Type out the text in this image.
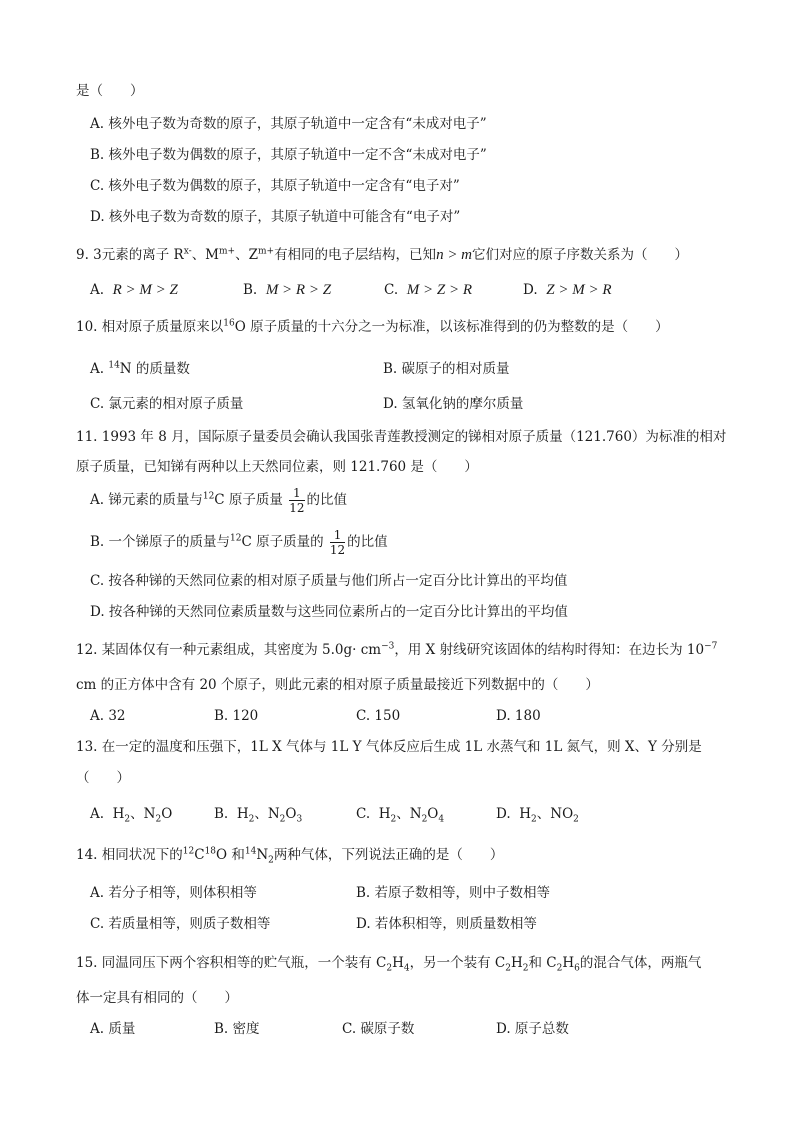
是（　　）
A. 核外电子数为奇数的原子，其原子轨道中一定含有“未成对电子”
B. 核外电子数为偶数的原子，其原子轨道中一定不含“未成对电子”
C. 核外电子数为偶数的原子，其原子轨道中一定含有“电子对”
D. 核外电子数为奇数的原子，其原子轨道中可能含有“电子对”
9. 3元素的离子 $R^{x-}$、$M^{m+}$、$Z^{m+}$有相同的电子层结构，已知n > m它们对应的原子序数关系为（　　）
A. R > M > Z	B. M > R > Z	C. M > Z > R	D. Z > M > R
10. 相对原子质量原来以$^{16}$O 原子质量的十六分之一为标准，以该标准得到的仍为整数的是（　　）
A. $^{14}$N 的质量数	B. 碳原子的相对质量
C. 氯元素的相对原子质量	D. 氢氧化钠的摩尔质量
11. 1993 年 8 月，国际原子量委员会确认我国张青莲教授测定的锑相对原子质量（121.760）为标准的相对
原子质量，已知锑有两种以上天然同位素，则 121.760 是（　　）
A. 锑元素的质量与$^{12}$C 原子质量 $\frac{1}{12}$ 的比值
B. 一个锑原子的质量与$^{12}$C 原子质量的 $\frac{1}{12}$ 的比值
C. 按各种锑的天然同位素的相对原子质量与他们所占一定百分比计算出的平均值
D. 按各种锑的天然同位素质量数与这些同位素所占的一定百分比计算出的平均值
12. 某固体仅有一种元素组成，其密度为 $5.0g\cdot cm^{-3}$，用 X 射线研究该固体的结构时得知：在边长为 $10^{-7}$
cm 的正方体中含有 20 个原子，则此元素的相对原子质量最接近下列数据中的（　　）
A. 32	B. 120	C. 150	D. 180
13. 在一定的温度和压强下，1L X 气体与 1L Y 气体反应后生成 1L 水蒸气和 1L 氮气，则 X、Y 分别是
（　　）
A. $H_2$、$N_2O$	B. $H_2$、$N_2O_3$	C. $H_2$、$N_2O_4$	D. $H_2$、$NO_2$
14. 相同状况下的$^{12}C^{18}O$ 和$^{14}N_2$两种气体，下列说法正确的是（　　）
A. 若分子相等，则体积相等	B. 若原子数相等，则中子数相等
C. 若质量相等，则质子数相等	D. 若体积相等，则质量数相等
15. 同温同压下两个容积相等的贮气瓶，一个装有 $C_2H_4$，另一个装有 $C_2H_2$和 $C_2H_6$的混合气体，两瓶气
体一定具有相同的（　　）
A. 质量	B. 密度	C. 碳原子数	D. 原子总数
